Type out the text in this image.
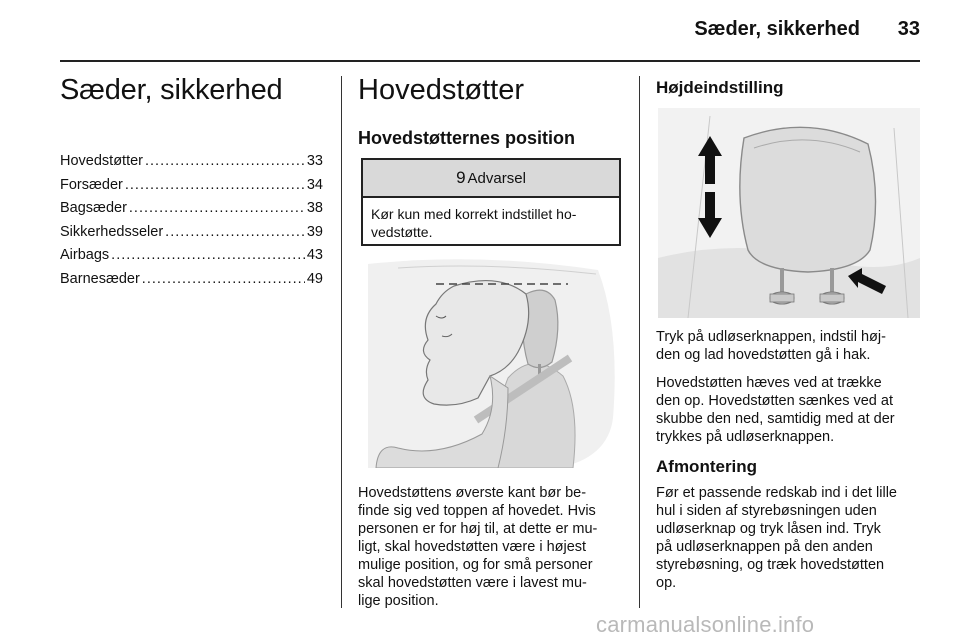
Sæder, sikkerhed	33
Sæder, sikkerhed
Hovedstøtter .....	33
Forsæder .....	34
Bagsæder .....	38
Sikkerhedsseler .....	39
Airbags .....	43
Barnesæder .....	49
Hovedstøtter
Hovedstøtternes position
9 Advarsel
Kør kun med korrekt indstillet ho-
vedstøtte.
Hovedstøttens øverste kant bør be-
finde sig ved toppen af hovedet. Hvis
personen er for høj til, at dette er mu-
ligt, skal hovedstøtten være i højest
mulige position, og for små personer
skal hovedstøtten være i lavest mu-
lige position.
Højdeindstilling
Tryk på udløserknappen, indstil høj-
den og lad hovedstøtten gå i hak.
Hovedstøtten hæves ved at trække
den op. Hovedstøtten sænkes ved at
skubbe den ned, samtidig med at der
trykkes på udløserknappen.
Afmontering
Før et passende redskab ind i det lille
hul i siden af styrebøsningen uden
udløserknap og tryk låsen ind. Tryk
på udløserknappen på den anden
styrebøsning, og træk hovedstøtten
op.
carmanualsonline.info
